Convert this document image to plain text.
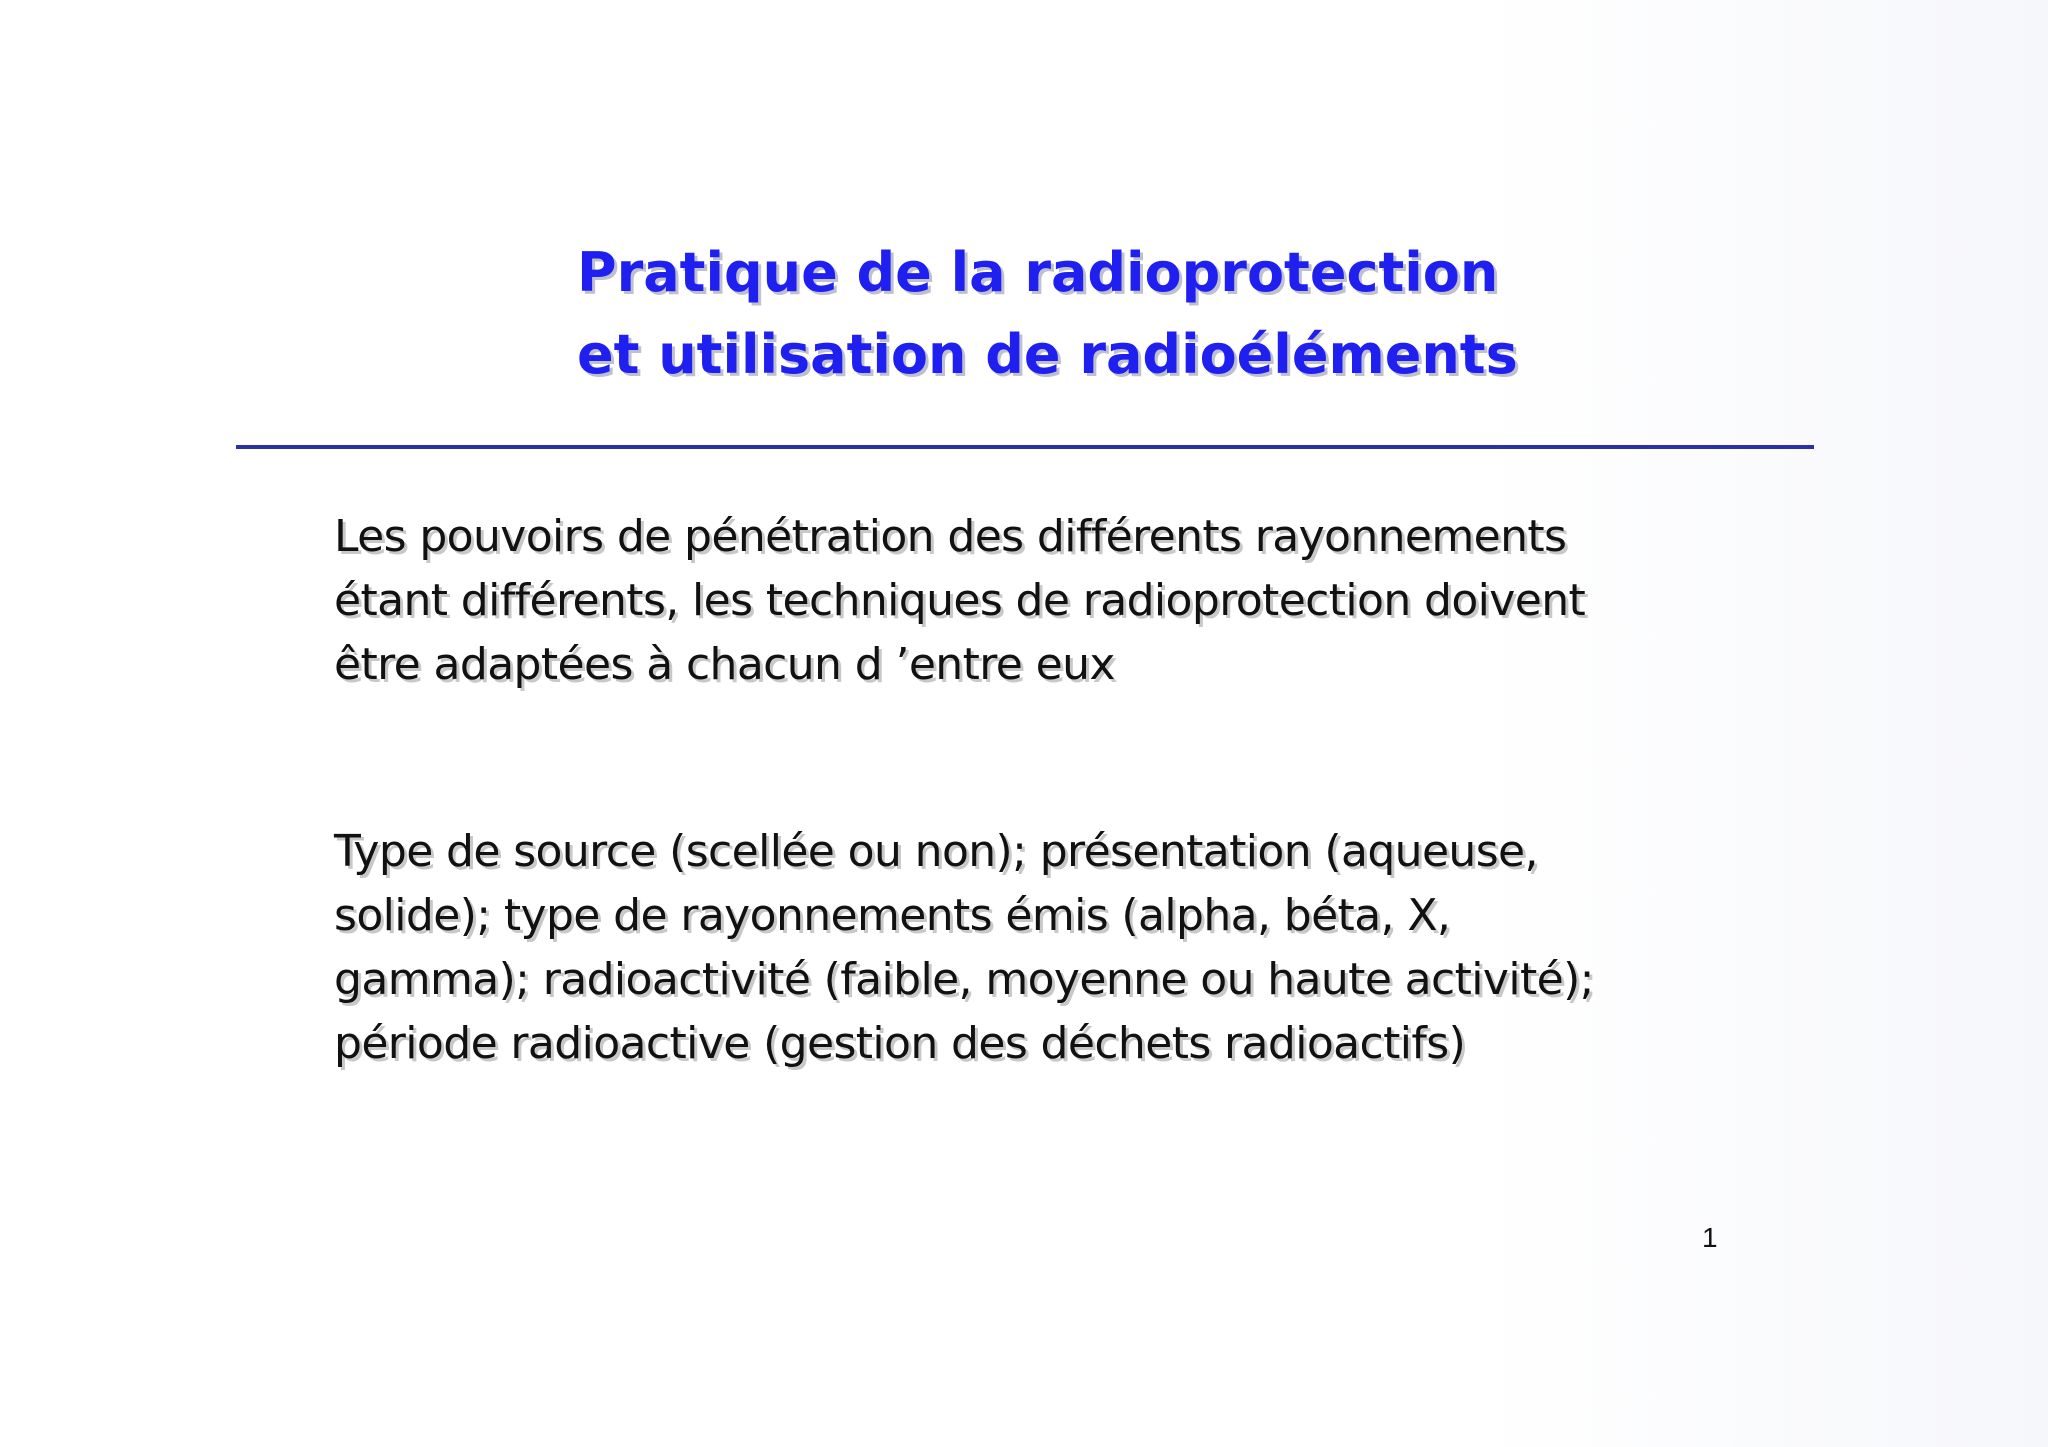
Pratique de la radioprotection
et utilisation de radioéléments

Les pouvoirs de pénétration des différents rayonnements
étant différents, les techniques de radioprotection doivent
être adaptées à chacun d ’entre eux

Type de source (scellée ou non); présentation (aqueuse,
solide); type de rayonnements émis (alpha, béta, X,
gamma); radioactivité (faible, moyenne ou haute activité);
période radioactive (gestion des déchets radioactifs)

1
